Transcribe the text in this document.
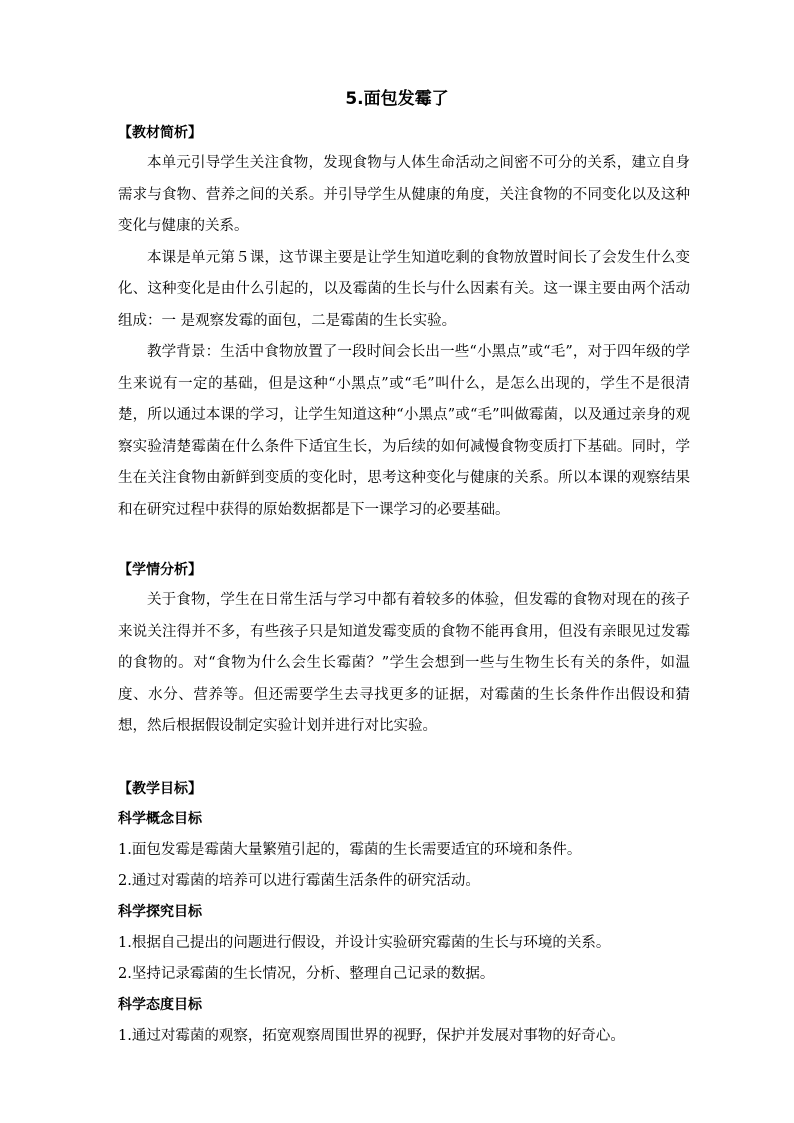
5.面包发霉了
【教材简析】

本单元引导学生关注食物，发现食物与人体生命活动之间密不可分的关系，建立自身需求与食物、营养之间的关系。并引导学生从健康的角度，关注食物的不同变化以及这种变化与健康的关系。

本课是单元第５课，这节课主要是让学生知道吃剩的食物放置时间长了会发生什么变化、这种变化是由什么引起的，以及霉菌的生长与什么因素有关。这一课主要由两个活动组成：一 是观察发霉的面包，二是霉菌的生长实验。

教学背景：生活中食物放置了一段时间会长出一些“小黑点”或“毛”，对于四年级的学生来说有一定的基础，但是这种“小黑点”或“毛”叫什么，是怎么出现的，学生不是很清楚，所以通过本课的学习，让学生知道这种“小黑点”或“毛”叫做霉菌，以及通过亲身的观察实验清楚霉菌在什么条件下适宜生长，为后续的如何减慢食物变质打下基础。同时，学生在关注食物由新鲜到变质的变化时，思考这种变化与健康的关系。所以本课的观察结果和在研究过程中获得的原始数据都是下一课学习的必要基础。

【学情分析】

关于食物，学生在日常生活与学习中都有着较多的体验，但发霉的食物对现在的孩子来说关注得并不多，有些孩子只是知道发霉变质的食物不能再食用，但没有亲眼见过发霉的食物的。对“食物为什么会生长霉菌？”学生会想到一些与生物生长有关的条件，如温度、水分、营养等。但还需要学生去寻找更多的证据，对霉菌的生长条件作出假设和猜想，然后根据假设制定实验计划并进行对比实验。

【教学目标】
科学概念目标

1.面包发霉是霉菌大量繁殖引起的，霉菌的生长需要适宜的环境和条件。

2.通过对霉菌的培养可以进行霉菌生活条件的研究活动。

科学探究目标

1.根据自己提出的问题进行假设，并设计实验研究霉菌的生长与环境的关系。

2.坚持记录霉菌的生长情况，分析、整理自己记录的数据。

科学态度目标

1.通过对霉菌的观察，拓宽观察周围世界的视野，保护并发展对事物的好奇心。
